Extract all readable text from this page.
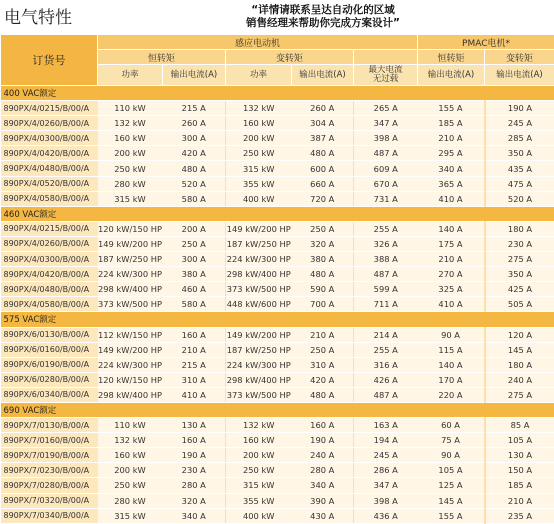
电气特性	“详情请联系呈达自动化的区域
销售经理来帮助你完成方案设计”
订货号	感应电动机					PMAC电机*	
	恒转矩		变转矩			恒转矩	变转矩
	功率	输出电流(A)	功率	输出电流(A)	最大电流
无过载	输出电流(A)	输出电流(A)
400 VAC额定							
890PX/4/0215/B/00/A	110 kW	215 A	132 kW	260 A	265 A	155 A	190 A
890PX/4/0260/B/00/A	132 kW	260 A	160 kW	304 A	347 A	185 A	245 A
890PX/4/0300/B/00/A	160 kW	300 A	200 kW	387 A	398 A	210 A	285 A
890PX/4/0420/B/00/A	200 kW	420 A	250 kW	480 A	487 A	295 A	350 A
890PX/4/0480/B/00/A	250 kW	480 A	315 kW	600 A	609 A	340 A	435 A
890PX/4/0520/B/00/A	280 kW	520 A	355 kW	660 A	670 A	365 A	475 A
890PX/4/0580/B/00/A	315 kW	580 A	400 kW	720 A	731 A	410 A	520 A
460 VAC额定							
890PX/4/0215/B/00/A	120 kW/150 HP	200 A	149 kW/200 HP	250 A	255 A	140 A	180 A
890PX/4/0260/B/00/A	149 kW/200 HP	250 A	187 kW/250 HP	320 A	326 A	175 A	230 A
890PX/4/0300/B/00/A	187 kW/250 HP	300 A	224 kW/300 HP	380 A	388 A	210 A	275 A
890PX/4/0420/B/00/A	224 kW/300 HP	380 A	298 kW/400 HP	480 A	487 A	270 A	350 A
890PX/4/0480/B/00/A	298 kW/400 HP	460 A	373 kW/500 HP	590 A	599 A	325 A	425 A
890PX/4/0580/B/00/A	373 kW/500 HP	580 A	448 kW/600 HP	700 A	711 A	410 A	505 A
575 VAC额定							
890PX/6/0130/B/00/A	112 kW/150 HP	160 A	149 kW/200 HP	210 A	214 A	90 A	120 A
890PX/6/0160/B/00/A	149 kW/200 HP	210 A	187 kW/250 HP	250 A	255 A	115 A	145 A
890PX/6/0190/B/00/A	224 kW/300 HP	215 A	224 kW/300 HP	310 A	316 A	140 A	180 A
890PX/6/0280/B/00/A	120 kW/150 HP	310 A	298 kW/400 HP	420 A	426 A	170 A	240 A
890PX/6/0340/B/00/A	298 kW/400 HP	410 A	373 kW/500 HP	480 A	487 A	220 A	275 A
690 VAC额定							
890PX/7/0130/B/00/A	110 kW	130 A	132 kW	160 A	163 A	60 A	85 A
890PX/7/0160/B/00/A	132 kW	160 A	160 kW	190 A	194 A	75 A	105 A
890PX/7/0190/B/00/A	160 kW	190 A	200 kW	240 A	245 A	90 A	130 A
890PX/7/0230/B/00/A	200 kW	230 A	250 kW	280 A	286 A	105 A	150 A
890PX/7/0280/B/00/A	250 kW	280 A	315 kW	340 A	347 A	125 A	185 A
890PX/7/0320/B/00/A	280 kW	320 A	355 kW	390 A	398 A	145 A	210 A
890PX/7/0340/B/00/A	315 kW	340 A	400 kW	430 A	436 A	155 A	235 A
